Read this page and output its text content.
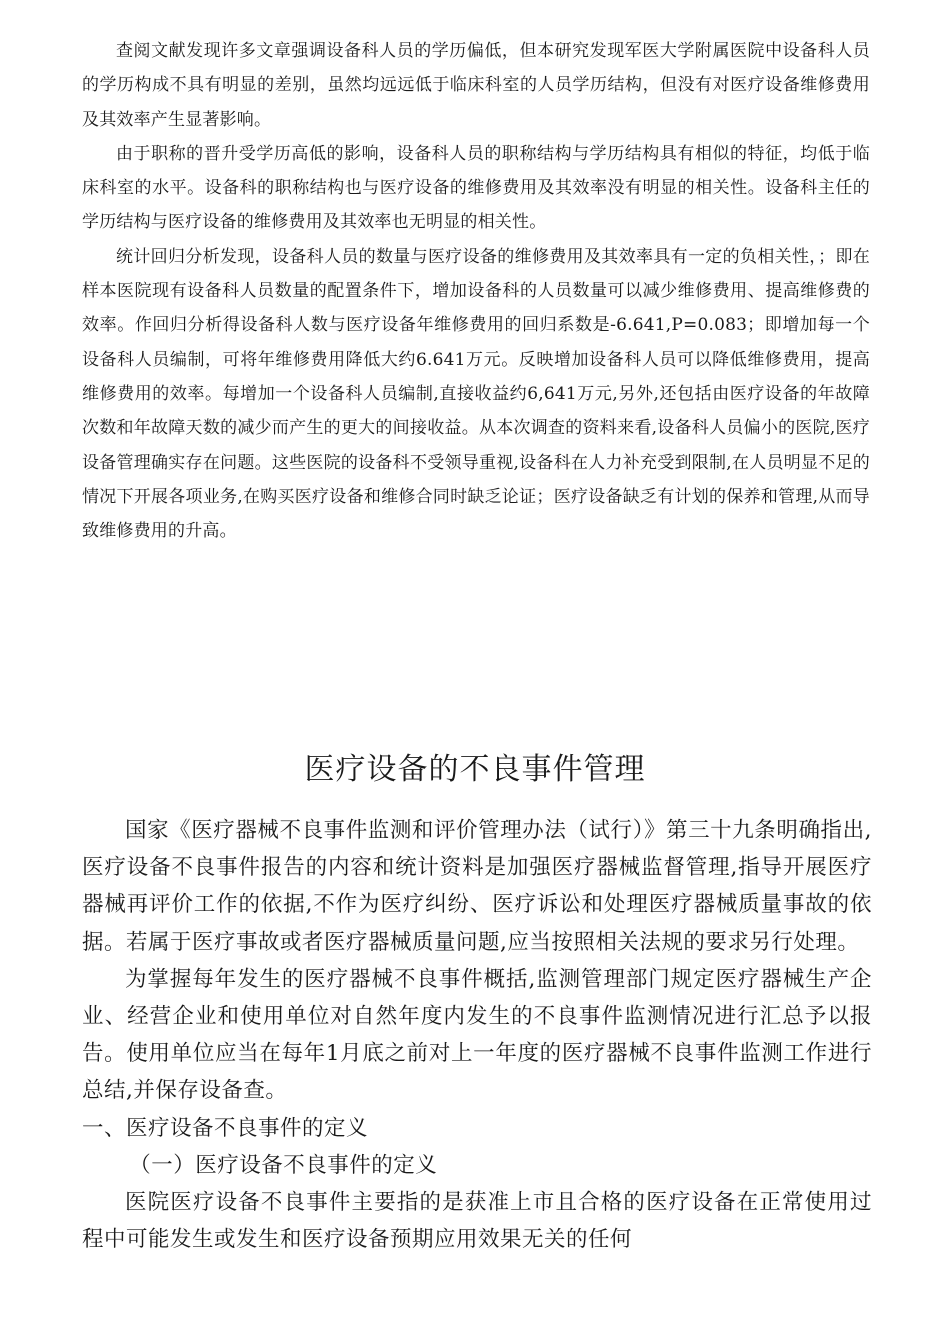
查阅文献发现许多文章强调设备科人员的学历偏低，但本研究发现军医大学附属医院中设备科人员的学历构成不具有明显的差别，虽然均远远低于临床科室的人员学历结构，但没有对医疗设备维修费用及其效率产生显著影响。

由于职称的晋升受学历高低的影响，设备科人员的职称结构与学历结构具有相似的特征，均低于临床科室的水平。设备科的职称结构也与医疗设备的维修费用及其效率没有明显的相关性。设备科主任的学历结构与医疗设备的维修费用及其效率也无明显的相关性。

统计回归分析发现，设备科人员的数量与医疗设备的维修费用及其效率具有一定的负相关性，；即在样本医院现有设备科人员数量的配置条件下，增加设备科的人员数量可以减少维修费用、提高维修费的效率。作回归分析得设备科人数与医疗设备年维修费用的回归系数是-6.641,P=0.083；即增加每一个设备科人员编制，可将年维修费用降低大约6.641万元。反映增加设备科人员可以降低维修费用，提高维修费用的效率。每增加一个设备科人员编制,直接收益约6,641万元,另外,还包括由医疗设备的年故障次数和年故障天数的减少而产生的更大的间接收益。从本次调查的资料来看,设备科人员偏小的医院,医疗设备管理确实存在问题。这些医院的设备科不受领导重视,设备科在人力补充受到限制,在人员明显不足的情况下开展各项业务,在购买医疗设备和维修合同时缺乏论证；医疗设备缺乏有计划的保养和管理,从而导致维修费用的升高。

医疗设备的不良事件管理

国家《医疗器械不良事件监测和评价管理办法（试行）》第三十九条明确指出,医疗设备不良事件报告的内容和统计资料是加强医疗器械监督管理,指导开展医疗器械再评价工作的依据,不作为医疗纠纷、医疗诉讼和处理医疗器械质量事故的依据。若属于医疗事故或者医疗器械质量问题,应当按照相关法规的要求另行处理。

为掌握每年发生的医疗器械不良事件概括,监测管理部门规定医疗器械生产企业、经营企业和使用单位对自然年度内发生的不良事件监测情况进行汇总予以报告。使用单位应当在每年1月底之前对上一年度的医疗器械不良事件监测工作进行总结,并保存设备查。

一、医疗设备不良事件的定义

（一）医疗设备不良事件的定义

医院医疗设备不良事件主要指的是获准上市且合格的医疗设备在正常使用过程中可能发生或发生和医疗设备预期应用效果无关的任何
